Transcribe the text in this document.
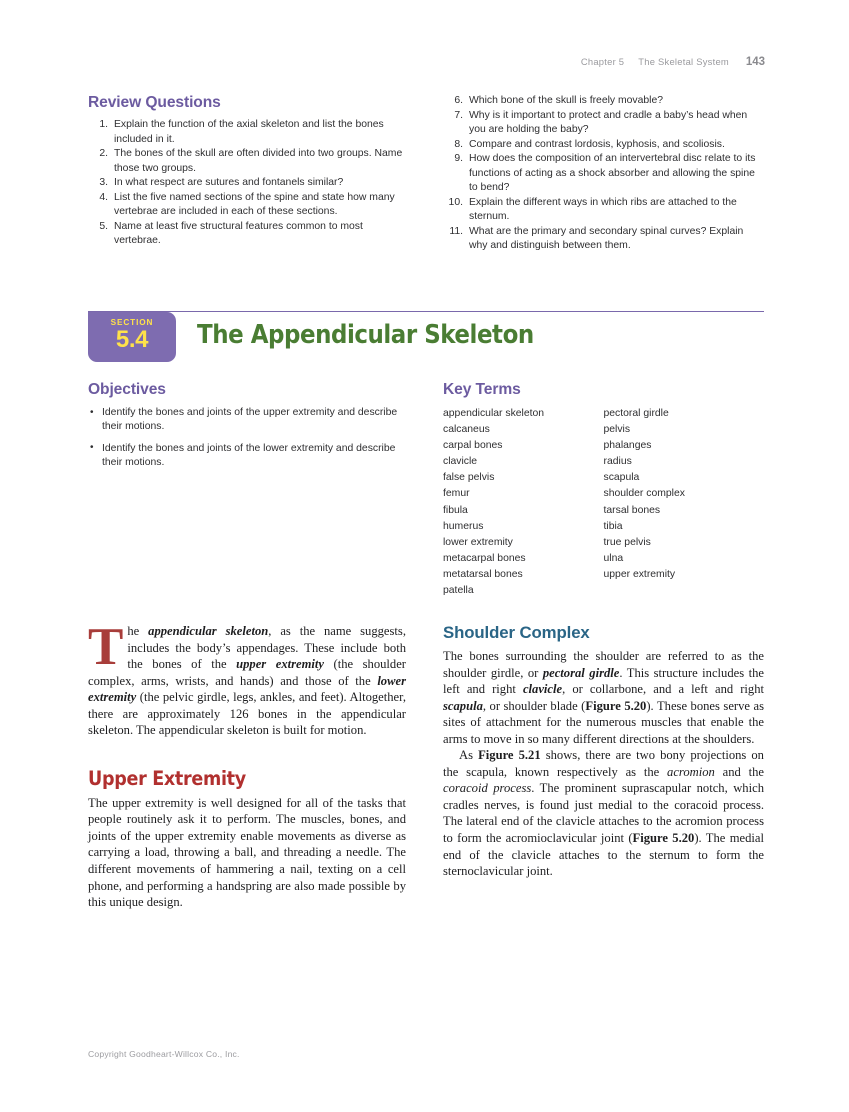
Chapter 5 The Skeletal System 143
Review Questions
1. Explain the function of the axial skeleton and list the bones included in it.
2. The bones of the skull are often divided into two groups. Name those two groups.
3. In what respect are sutures and fontanels similar?
4. List the five named sections of the spine and state how many vertebrae are included in each of these sections.
5. Name at least five structural features common to most vertebrae.
6. Which bone of the skull is freely movable?
7. Why is it important to protect and cradle a baby’s head when you are holding the baby?
8. Compare and contrast lordosis, kyphosis, and scoliosis.
9. How does the composition of an intervertebral disc relate to its functions of acting as a shock absorber and allowing the spine to bend?
10. Explain the different ways in which ribs are attached to the sternum.
11. What are the primary and secondary spinal curves? Explain why and distinguish between them.
SECTION
5.4	The Appendicular Skeleton
Objectives
• Identify the bones and joints of the upper extremity and describe their motions.
• Identify the bones and joints of the lower extremity and describe their motions.
Key Terms
appendicular skeleton
calcaneus
carpal bones
clavicle
false pelvis
femur
fibula
humerus
lower extremity
metacarpal bones
metatarsal bones
patella
pectoral girdle
pelvis
phalanges
radius
scapula
shoulder complex
tarsal bones
tibia
true pelvis
ulna
upper extremity

The appendicular skeleton, as the name suggests, includes the body’s appendages. These include both the bones of the upper extremity (the shoulder complex, arms, wrists, and hands) and those of the lower extremity (the pelvic girdle, legs, ankles, and feet). Altogether, there are approximately 126 bones in the appendicular skeleton. The appendicular skeleton is built for motion.

Upper Extremity

The upper extremity is well designed for all of the tasks that people routinely ask it to perform. The muscles, bones, and joints of the upper extremity enable movements as diverse as carrying a load, throwing a ball, and threading a needle. The different movements of hammering a nail, texting on a cell phone, and performing a handspring are also made possible by this unique design.

Shoulder Complex

The bones surrounding the shoulder are referred to as the shoulder girdle, or pectoral girdle. This structure includes the left and right clavicle, or collarbone, and a left and right scapula, or shoulder blade (Figure 5.20). These bones serve as sites of attachment for the numerous muscles that enable the arms to move in so many different directions at the shoulders.

As Figure 5.21 shows, there are two bony projections on the scapula, known respectively as the acromion and the coracoid process. The prominent suprascapular notch, which cradles nerves, is found just medial to the coracoid process. The lateral end of the clavicle attaches to the acromion process to form the acromioclavicular joint (Figure 5.20). The medial end of the clavicle attaches to the sternum to form the sternoclavicular joint.

Copyright Goodheart-Willcox Co., Inc.
